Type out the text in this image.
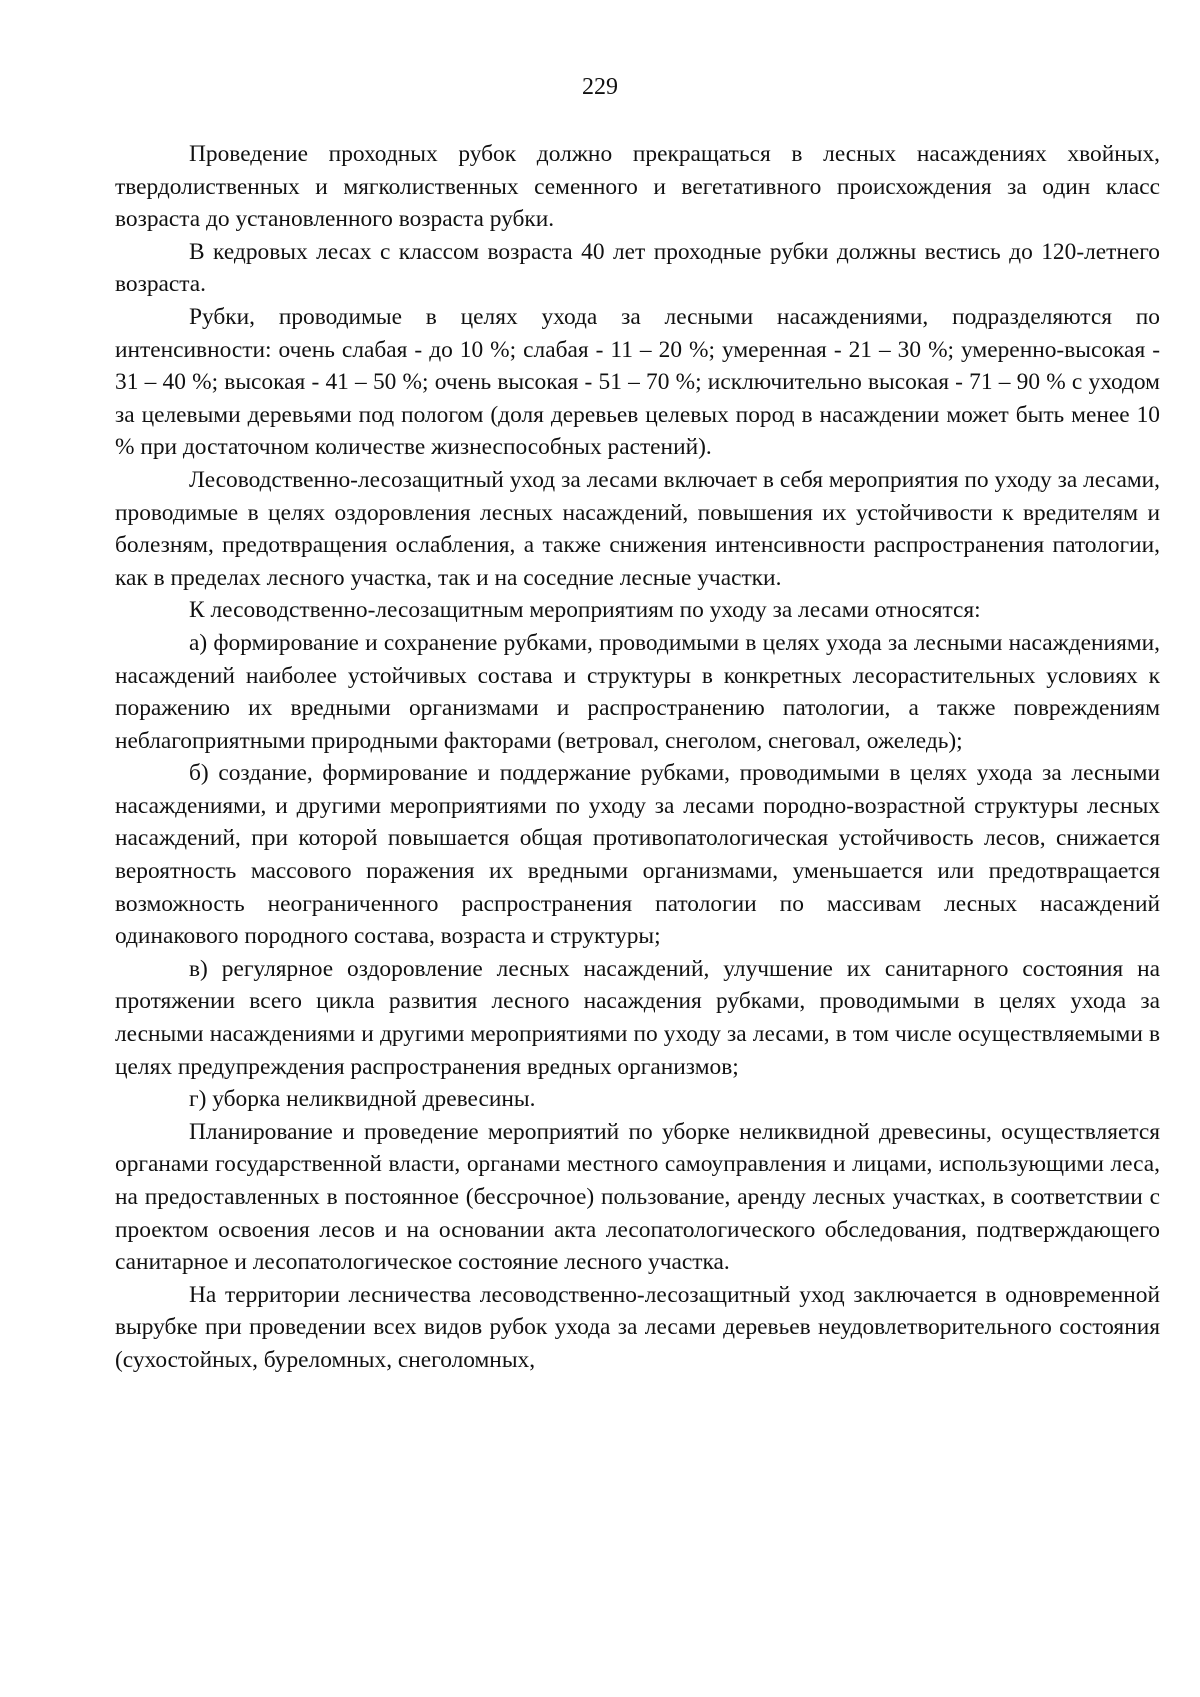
229

Проведение проходных рубок должно прекращаться в лесных насаждениях хвойных, твердолиственных и мягколиственных семенного и вегетативного происхождения за один класс возраста до установленного возраста рубки.

В кедровых лесах с классом возраста 40 лет проходные рубки должны вестись до 120-летнего возраста.

Рубки, проводимые в целях ухода за лесными насаждениями, подразделяются по интенсивности: очень слабая - до 10 %; слабая - 11 – 20 %; умеренная - 21 – 30 %; умеренно-высокая - 31 – 40 %; высокая - 41 – 50 %; очень высокая - 51 – 70 %; исключительно высокая - 71 – 90 % с уходом за целевыми деревьями под пологом (доля деревьев целевых пород в насаждении может быть менее 10 % при достаточном количестве жизнеспособных растений).

Лесоводственно-лесозащитный уход за лесами включает в себя мероприятия по уходу за лесами, проводимые в целях оздоровления лесных насаждений, повышения их устойчивости к вредителям и болезням, предотвращения ослабления, а также снижения интенсивности распространения патологии, как в пределах лесного участка, так и на соседние лесные участки.

К лесоводственно-лесозащитным мероприятиям по уходу за лесами относятся:

а) формирование и сохранение рубками, проводимыми в целях ухода за лесными насаждениями, насаждений наиболее устойчивых состава и структуры в конкретных лесорастительных условиях к поражению их вредными организмами и распространению патологии, а также повреждениям неблагоприятными природными факторами (ветровал, снеголом, снеговал, ожеледь);

б) создание, формирование и поддержание рубками, проводимыми в целях ухода за лесными насаждениями, и другими мероприятиями по уходу за лесами породно-возрастной структуры лесных насаждений, при которой повышается общая противопатологическая устойчивость лесов, снижается вероятность массового поражения их вредными организмами, уменьшается или предотвращается возможность неограниченного распространения патологии по массивам лесных насаждений одинакового породного состава, возраста и структуры;

в) регулярное оздоровление лесных насаждений, улучшение их санитарного состояния на протяжении всего цикла развития лесного насаждения рубками, проводимыми в целях ухода за лесными насаждениями и другими мероприятиями по уходу за лесами, в том числе осуществляемыми в целях предупреждения распространения вредных организмов;

г) уборка неликвидной древесины.

Планирование и проведение мероприятий по уборке неликвидной древесины, осуществляется органами государственной власти, органами местного самоуправления и лицами, использующими леса, на предоставленных в постоянное (бессрочное) пользование, аренду лесных участках, в соответствии с проектом освоения лесов и на основании акта лесопатологического обследования, подтверждающего санитарное и лесопатологическое состояние лесного участка.

На территории лесничества лесоводственно-лесозащитный уход заключается в одновременной вырубке при проведении всех видов рубок ухода за лесами деревьев неудовлетворительного состояния (сухостойных, буреломных, снеголомных,
